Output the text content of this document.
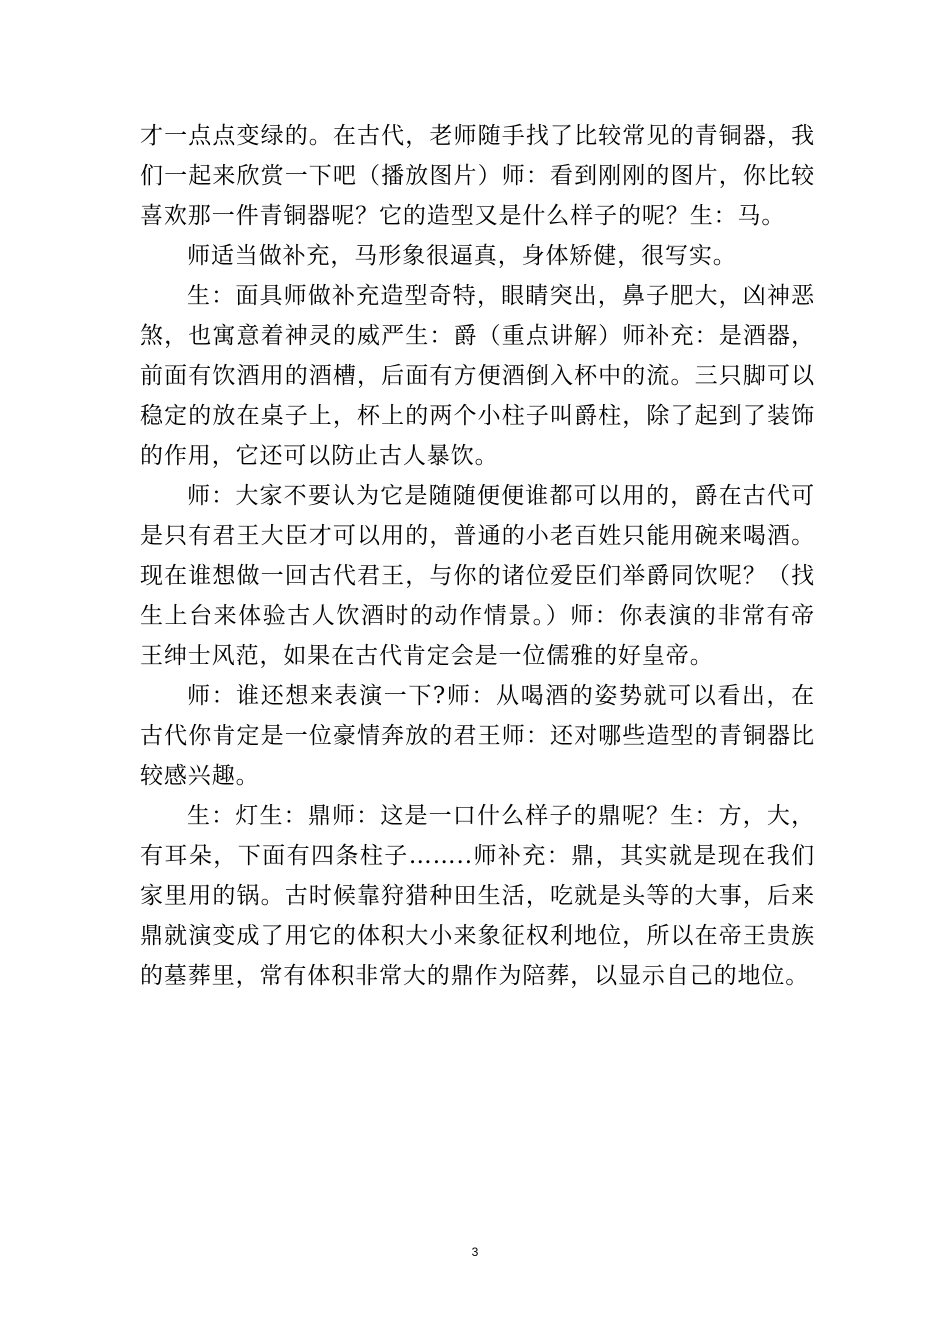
才一点点变绿的。在古代，老师随手找了比较常见的青铜器，我们一起来欣赏一下吧（播放图片）师：看到刚刚的图片，你比较喜欢那一件青铜器呢？它的造型又是什么样子的呢？生：马。

师适当做补充，马形象很逼真，身体矫健，很写实。

生：面具师做补充造型奇特，眼睛突出，鼻子肥大，凶神恶煞，也寓意着神灵的威严生：爵（重点讲解）师补充：是酒器，前面有饮酒用的酒槽，后面有方便酒倒入杯中的流。三只脚可以稳定的放在桌子上，杯上的两个小柱子叫爵柱，除了起到了装饰的作用，它还可以防止古人暴饮。

师：大家不要认为它是随随便便谁都可以用的，爵在古代可是只有君王大臣才可以用的，普通的小老百姓只能用碗来喝酒。现在谁想做一回古代君王，与你的诸位爱臣们举爵同饮呢？（找生上台来体验古人饮酒时的动作情景。）师：你表演的非常有帝王绅士风范，如果在古代肯定会是一位儒雅的好皇帝。

师：谁还想来表演一下?师：从喝酒的姿势就可以看出，在古代你肯定是一位豪情奔放的君王师：还对哪些造型的青铜器比较感兴趣。

生：灯生：鼎师：这是一口什么样子的鼎呢？生：方，大，有耳朵，下面有四条柱子……..师补充：鼎，其实就是现在我们家里用的锅。古时候靠狩猎种田生活，吃就是头等的大事，后来鼎就演变成了用它的体积大小来象征权利地位，所以在帝王贵族的墓葬里，常有体积非常大的鼎作为陪葬，以显示自己的地位。

3
